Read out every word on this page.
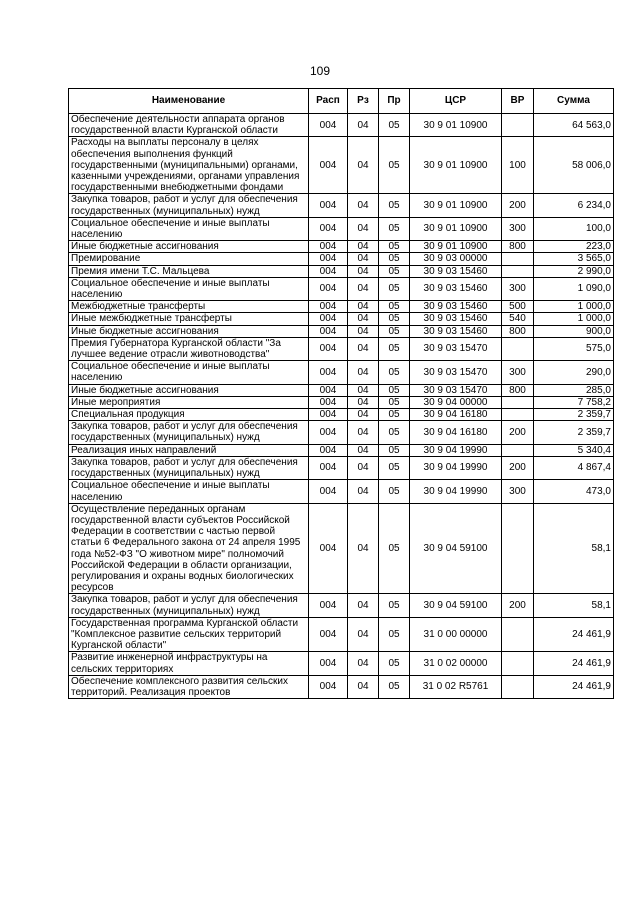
109
Наименование	Расп	Рз	Пр	ЦСР	ВР	Сумма
Обеспечение деятельности аппарата органов государственной власти Курганской области	004	04	05	30 9 01 10900		64 563,0
Расходы на выплаты персоналу в целях обеспечения выполнения функций государственными (муниципальными) органами, казенными учреждениями, органами управления государственными внебюджетными фондами	004	04	05	30 9 01 10900	100	58 006,0
Закупка товаров, работ и услуг для обеспечения государственных (муниципальных) нужд	004	04	05	30 9 01 10900	200	6 234,0
Социальное обеспечение и иные выплаты населению	004	04	05	30 9 01 10900	300	100,0
Иные бюджетные ассигнования	004	04	05	30 9 01 10900	800	223,0
Премирование	004	04	05	30 9 03 00000		3 565,0
Премия имени Т.С. Мальцева	004	04	05	30 9 03 15460		2 990,0
Социальное обеспечение и иные выплаты населению	004	04	05	30 9 03 15460	300	1 090,0
Межбюджетные трансферты	004	04	05	30 9 03 15460	500	1 000,0
Иные межбюджетные трансферты	004	04	05	30 9 03 15460	540	1 000,0
Иные бюджетные ассигнования	004	04	05	30 9 03 15460	800	900,0
Премия Губернатора Курганской области "За лучшее ведение отрасли животноводства"	004	04	05	30 9 03 15470		575,0
Социальное обеспечение и иные выплаты населению	004	04	05	30 9 03 15470	300	290,0
Иные бюджетные ассигнования	004	04	05	30 9 03 15470	800	285,0
Иные мероприятия	004	04	05	30 9 04 00000		7 758,2
Специальная продукция	004	04	05	30 9 04 16180		2 359,7
Закупка товаров, работ и услуг для обеспечения государственных (муниципальных) нужд	004	04	05	30 9 04 16180	200	2 359,7
Реализация иных направлений	004	04	05	30 9 04 19990		5 340,4
Закупка товаров, работ и услуг для обеспечения государственных (муниципальных) нужд	004	04	05	30 9 04 19990	200	4 867,4
Социальное обеспечение и иные выплаты населению	004	04	05	30 9 04 19990	300	473,0
Осуществление переданных органам государственной власти субъектов Российской Федерации в соответствии с частью первой статьи 6 Федерального закона от 24 апреля 1995 года №52-ФЗ "О животном мире" полномочий Российской Федерации в области организации, регулирования и охраны водных биологических ресурсов	004	04	05	30 9 04 59100		58,1
Закупка товаров, работ и услуг для обеспечения государственных (муниципальных) нужд	004	04	05	30 9 04 59100	200	58,1
Государственная программа Курганской области "Комплексное развитие сельских территорий Курганской области"	004	04	05	31 0 00 00000		24 461,9
Развитие инженерной инфраструктуры на сельских территориях	004	04	05	31 0 02 00000		24 461,9
Обеспечение комплексного развития сельских территорий. Реализация проектов	004	04	05	31 0 02 R5761		24 461,9
